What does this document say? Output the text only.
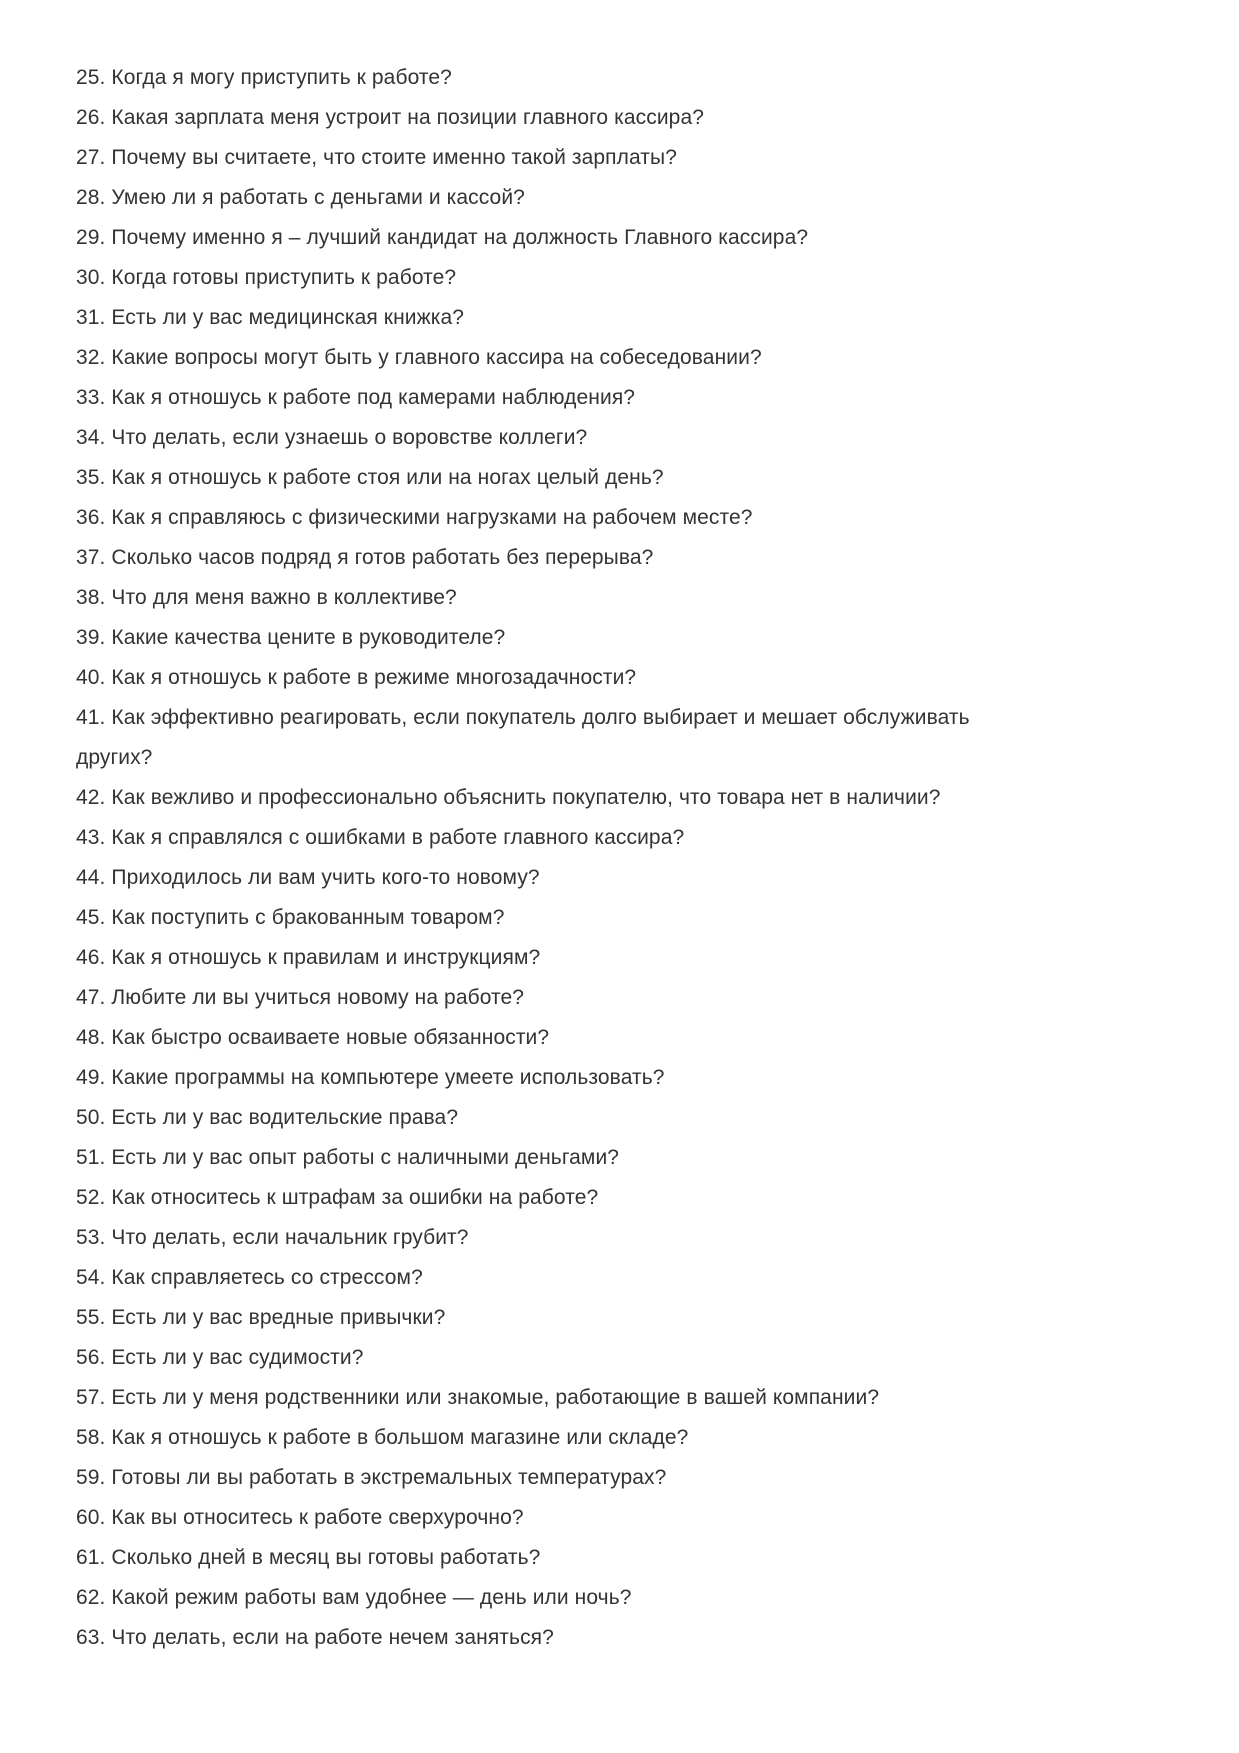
25. Когда я могу приступить к работе?
26. Какая зарплата меня устроит на позиции главного кассира?
27. Почему вы считаете, что стоите именно такой зарплаты?
28. Умею ли я работать с деньгами и кассой?
29. Почему именно я – лучший кандидат на должность Главного кассира?
30. Когда готовы приступить к работе?
31. Есть ли у вас медицинская книжка?
32. Какие вопросы могут быть у главного кассира на собеседовании?
33. Как я отношусь к работе под камерами наблюдения?
34. Что делать, если узнаешь о воровстве коллеги?
35. Как я отношусь к работе стоя или на ногах целый день?
36. Как я справляюсь с физическими нагрузками на рабочем месте?
37. Сколько часов подряд я готов работать без перерыва?
38. Что для меня важно в коллективе?
39. Какие качества цените в руководителе?
40. Как я отношусь к работе в режиме многозадачности?
41. Как эффективно реагировать, если покупатель долго выбирает и мешает обслуживать других?
42. Как вежливо и профессионально объяснить покупателю, что товара нет в наличии?
43. Как я справлялся с ошибками в работе главного кассира?
44. Приходилось ли вам учить кого-то новому?
45. Как поступить с бракованным товаром?
46. Как я отношусь к правилам и инструкциям?
47. Любите ли вы учиться новому на работе?
48. Как быстро осваиваете новые обязанности?
49. Какие программы на компьютере умеете использовать?
50. Есть ли у вас водительские права?
51. Есть ли у вас опыт работы с наличными деньгами?
52. Как относитесь к штрафам за ошибки на работе?
53. Что делать, если начальник грубит?
54. Как справляетесь со стрессом?
55. Есть ли у вас вредные привычки?
56. Есть ли у вас судимости?
57. Есть ли у меня родственники или знакомые, работающие в вашей компании?
58. Как я отношусь к работе в большом магазине или складе?
59. Готовы ли вы работать в экстремальных температурах?
60. Как вы относитесь к работе сверхурочно?
61. Сколько дней в месяц вы готовы работать?
62. Какой режим работы вам удобнее — день или ночь?
63. Что делать, если на работе нечем заняться?
